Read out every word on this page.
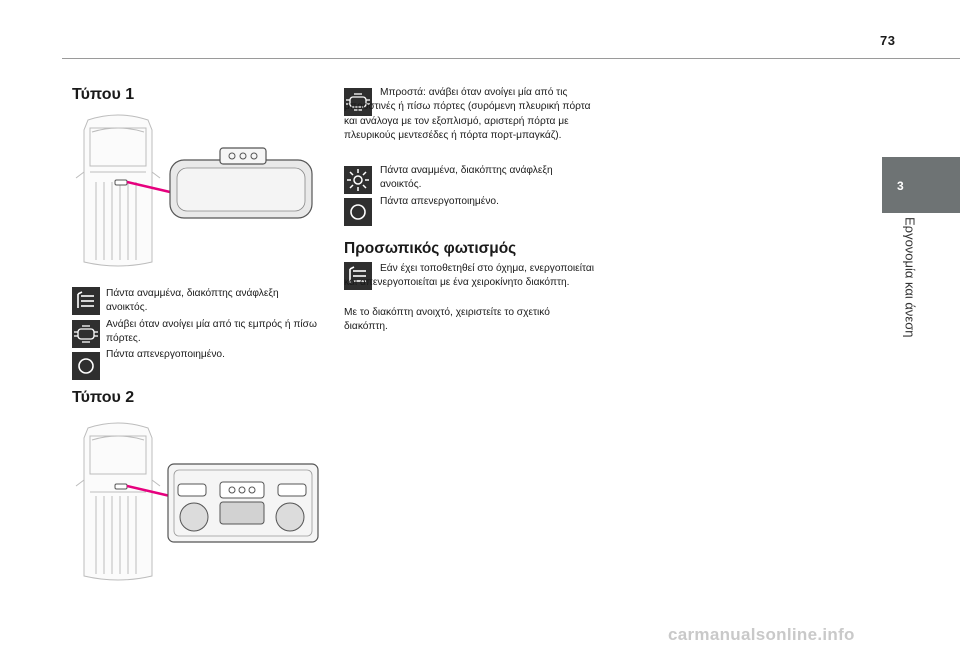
73
3
Εργονομία και άνεση
Τύπου 1
Πάντα αναμμένα, διακόπτης ανάφλεξη ανοικτός.
Ανάβει όταν ανοίγει μία από τις εμπρός ή πίσω πόρτες.
Πάντα απενεργοποιημένο.
Τύπου 2
Μπροστά: ανάβει όταν ανοίγει μία από τις μπροστινές ή πίσω πόρτες (συρόμενη πλευρική πόρτα και ανάλογα με τον εξοπλισμό, αριστερή πόρτα με πλευρικούς μεντεσέδες ή πόρτα πορτ-μπαγκάζ).
Πάντα αναμμένα, διακόπτης ανάφλεξη ανοικτός.
Πάντα απενεργοποιημένο.
Προσωπικός φωτισμός
Εάν έχει τοποθετηθεί στο όχημα, ενεργοποιείται και απενεργοποιείται με ένα χειροκίνητο διακόπτη.
Με το διακόπτη ανοιχτό, χειριστείτε το σχετικό διακόπτη.
carmanualsonline.info
